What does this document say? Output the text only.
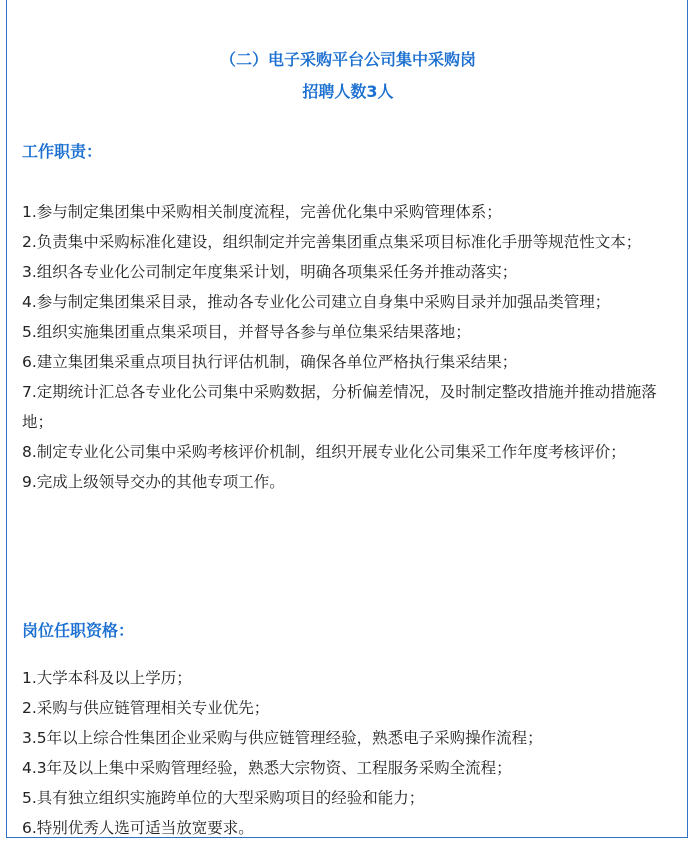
（二）电子采购平台公司集中采购岗
招聘人数3人
工作职责：
1.参与制定集团集中采购相关制度流程，完善优化集中采购管理体系；
2.负责集中采购标准化建设，组织制定并完善集团重点集采项目标准化手册等规范性文本；
3.组织各专业化公司制定年度集采计划，明确各项集采任务并推动落实；
4.参与制定集团集采目录，推动各专业化公司建立自身集中采购目录并加强品类管理；
5.组织实施集团重点集采项目，并督导各参与单位集采结果落地；
6.建立集团集采重点项目执行评估机制，确保各单位严格执行集采结果；
7.定期统计汇总各专业化公司集中采购数据，分析偏差情况，及时制定整改措施并推动措施落地；
8.制定专业化公司集中采购考核评价机制，组织开展专业化公司集采工作年度考核评价；
9.完成上级领导交办的其他专项工作。
岗位任职资格：
1.大学本科及以上学历；
2.采购与供应链管理相关专业优先；
3.5年以上综合性集团企业采购与供应链管理经验，熟悉电子采购操作流程；
4.3年及以上集中采购管理经验，熟悉大宗物资、工程服务采购全流程；
5.具有独立组织实施跨单位的大型采购项目的经验和能力；
6.特别优秀人选可适当放宽要求。
